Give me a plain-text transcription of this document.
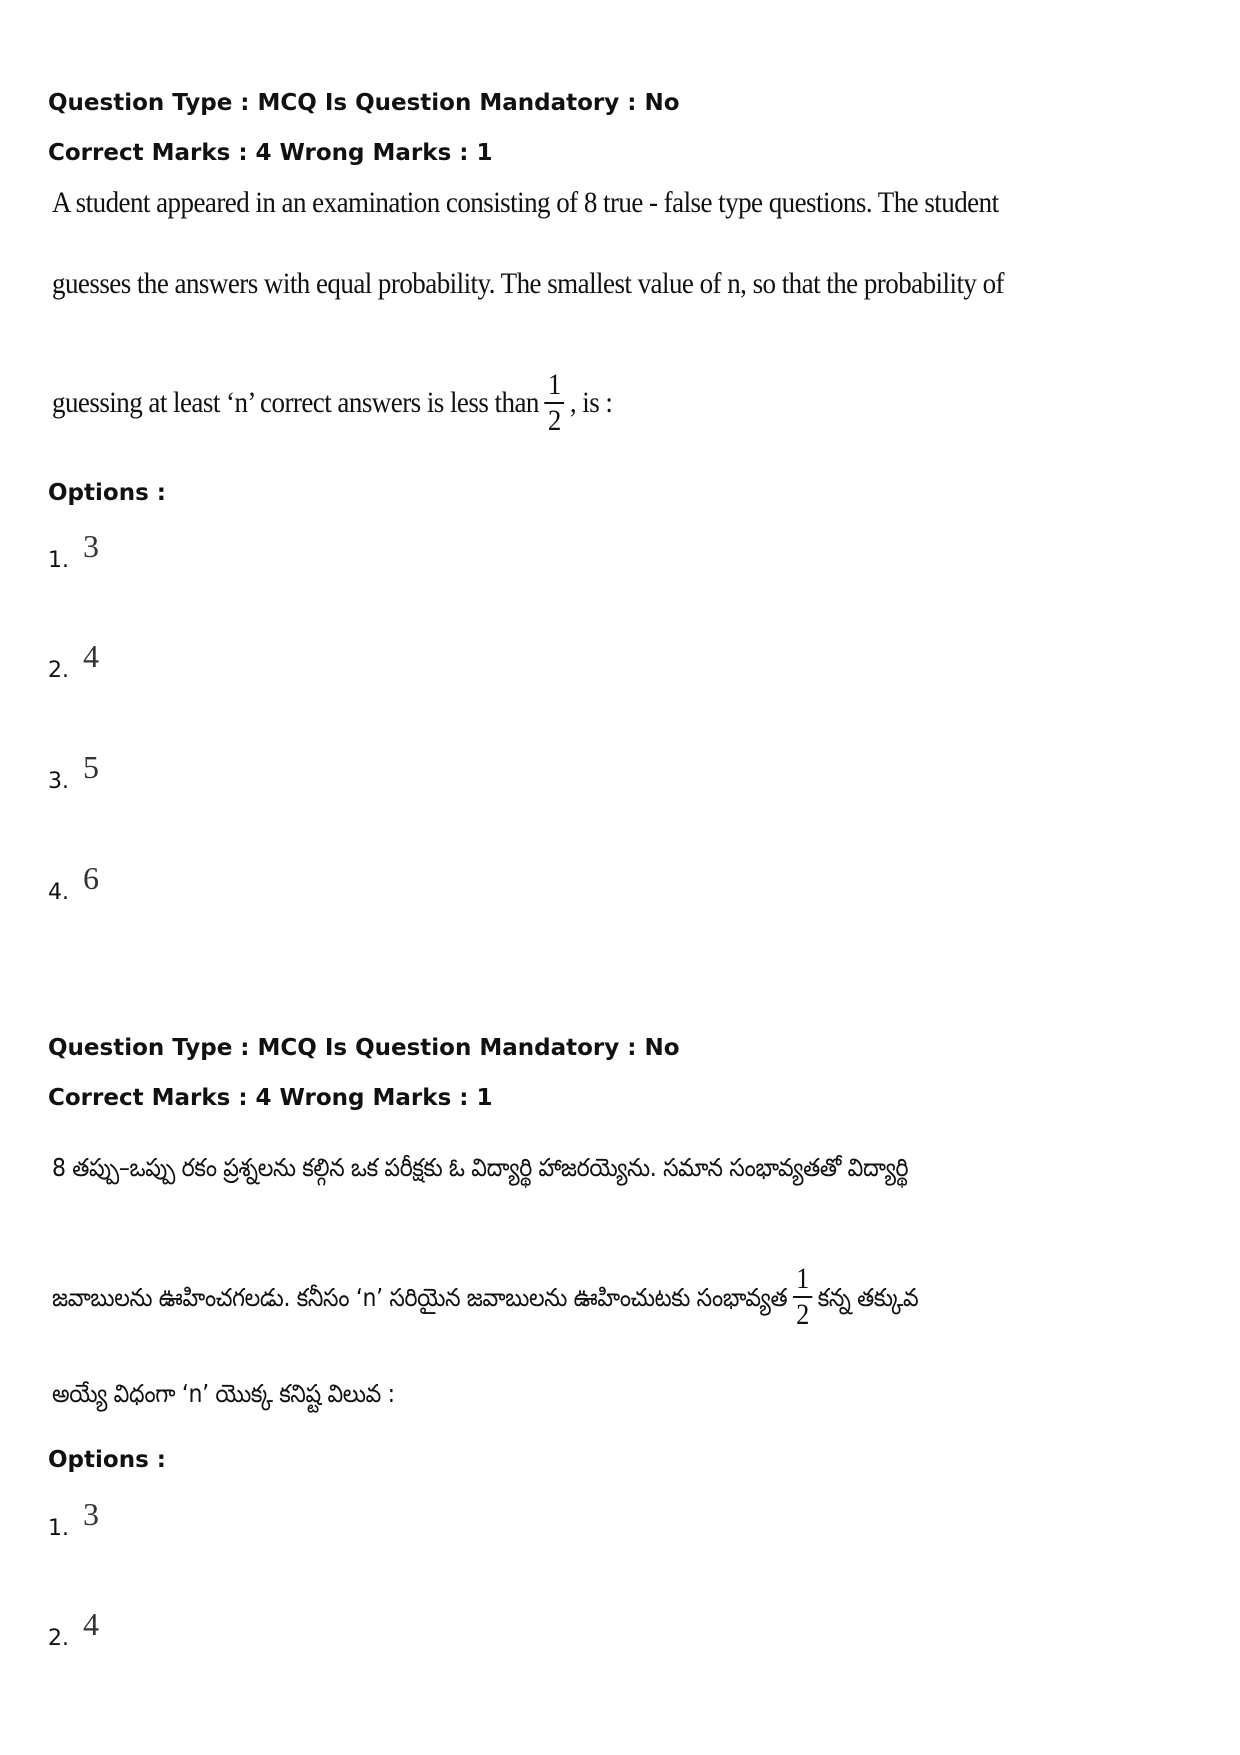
Question Type : MCQ Is Question Mandatory : No

Correct Marks : 4 Wrong Marks : 1

A student appeared in an examination consisting of 8 true - false type questions. The student
guesses the answers with equal probability. The smallest value of n, so that the probability of
guessing at least ‘n’ correct answers is less than $\frac{1}{2}$ , is :

Options :

1. 3
2. 4
3. 5
4. 6

Question Type : MCQ Is Question Mandatory : No

Correct Marks : 4 Wrong Marks : 1

8 తప్పు–ఒప్పు రకం ప్రశ్నలను కల్గిన ఒక పరీక్షకు ఓ విద్యార్థి హాజరయ్యెను. సమాన సంభావ్యతతో విద్యార్థి
జవాబులను ఊహించగలడు. కనీసం ‘n’ సరియైన జవాబులను ఊహించుటకు సంభావ్యత $\frac{1}{2}$ కన్న తక్కువ
అయ్యే విధంగా ‘n’ యొక్క కనిష్ట విలువ :

Options :

1. 3
2. 4
